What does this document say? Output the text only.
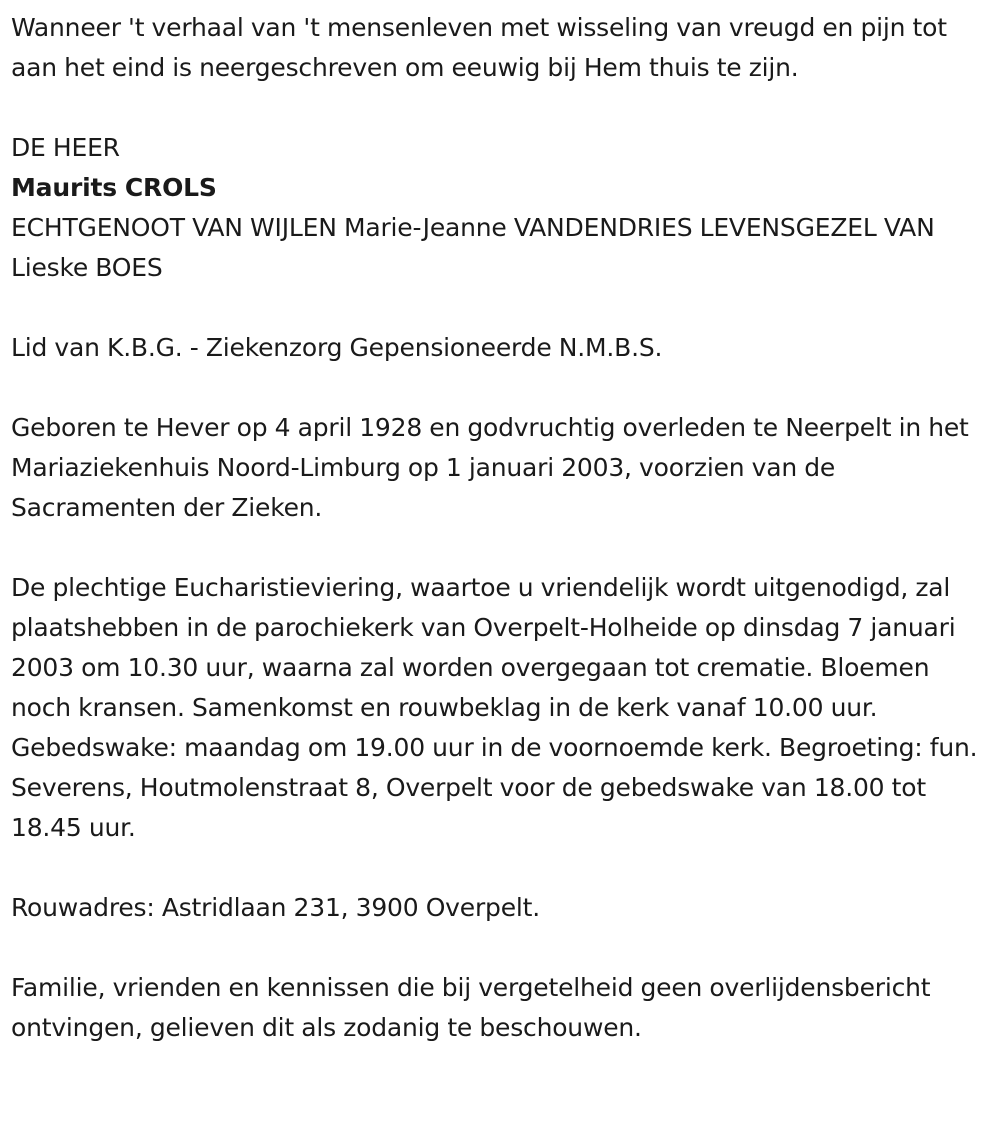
Wanneer 't verhaal van 't mensenleven met wisseling van vreugd en pijn tot aan het eind is neergeschreven om eeuwig bij Hem thuis te zijn.

DE HEER

Maurits CROLS

ECHTGENOOT VAN WIJLEN Marie-Jeanne VANDENDRIES LEVENSGEZEL VAN

Lieske BOES

Lid van K.B.G. - Ziekenzorg Gepensioneerde N.M.B.S.

Geboren te Hever op 4 april 1928 en godvruchtig overleden te Neerpelt in het Mariaziekenhuis Noord-Limburg op 1 januari 2003, voorzien van de Sacramenten der Zieken.

De plechtige Eucharistieviering, waartoe u vriendelijk wordt uitgenodigd, zal plaatshebben in de parochiekerk van Overpelt-Holheide op dinsdag 7 januari 2003 om 10.30 uur, waarna zal worden overgegaan tot crematie. Bloemen noch kransen. Samenkomst en rouwbeklag in de kerk vanaf 10.00 uur. Gebedswake: maandag om 19.00 uur in de voornoemde kerk. Begroeting: fun. Severens, Houtmolenstraat 8, Overpelt voor de gebedswake van 18.00 tot 18.45 uur.

Rouwadres: Astridlaan 231, 3900 Overpelt.

Familie, vrienden en kennissen die bij vergetelheid geen overlijdensbericht ontvingen, gelieven dit als zodanig te beschouwen.
